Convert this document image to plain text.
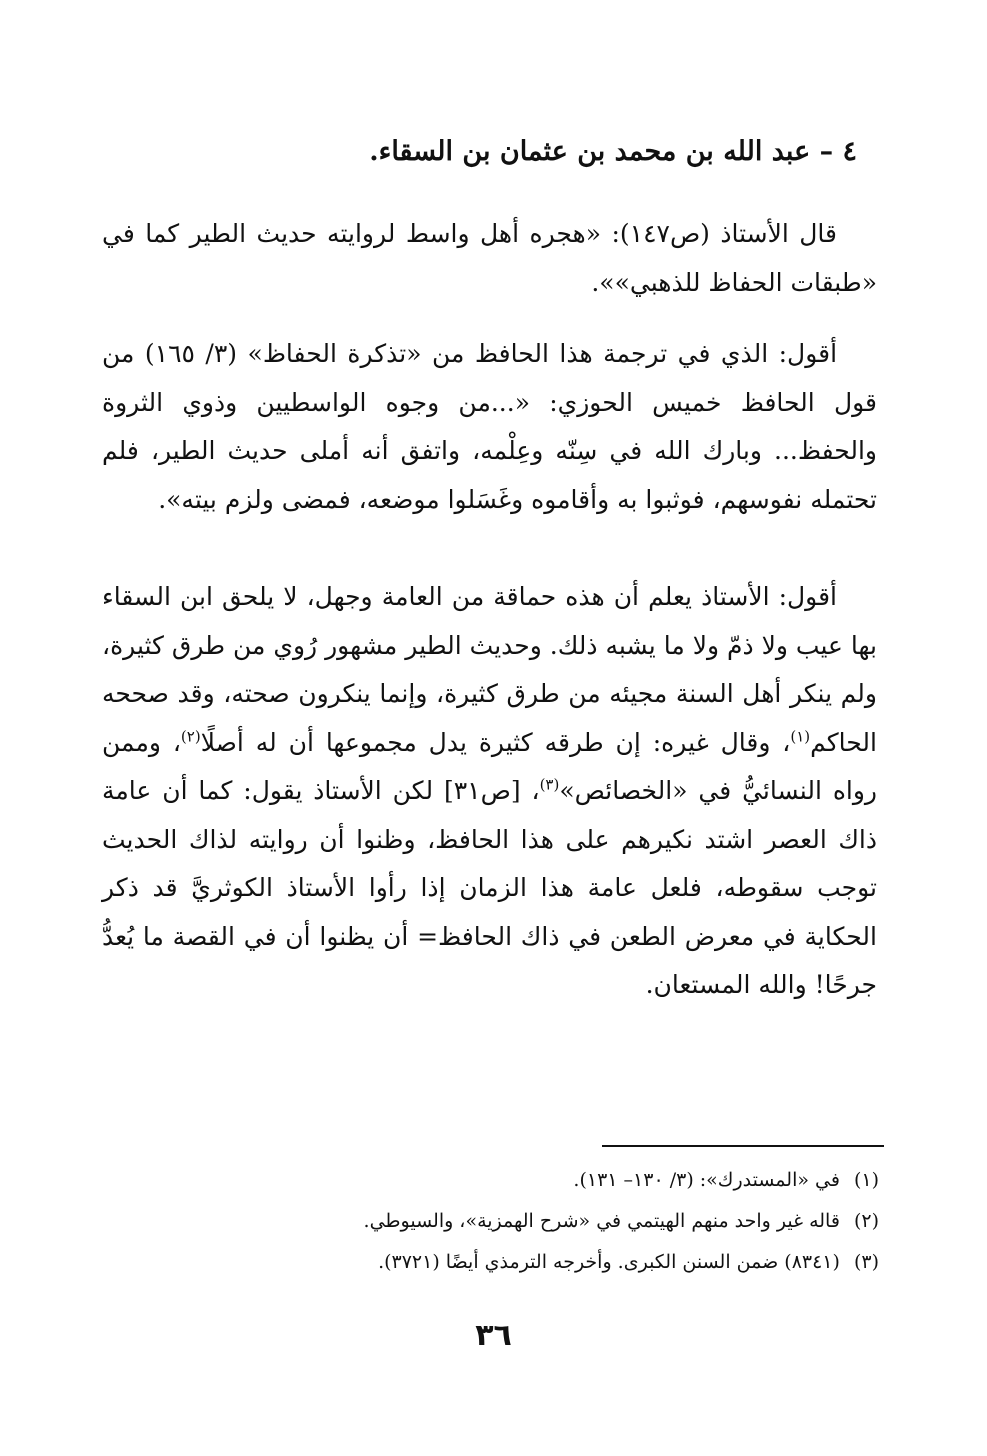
٤ – عبد الله بن محمد بن عثمان بن السقاء.

قال الأستاذ (ص١٤٧): «هجره أهل واسط لروايته حديث الطير كما في «طبقات الحفاظ للذهبي»».

أقول: الذي في ترجمة هذا الحافظ من «تذكرة الحفاظ» (٣/ ١٦٥) من قول الحافظ خميس الحوزي: «...من وجوه الواسطيين وذوي الثروة والحفظ... وبارك الله في سِنّه وعِلْمه، واتفق أنه أملى حديث الطير، فلم تحتمله نفوسهم، فوثبوا به وأقاموه وغَسَلوا موضعه، فمضى ولزم بيته».

أقول: الأستاذ يعلم أن هذه حماقة من العامة وجهل، لا يلحق ابن السقاء بها عيب ولا ذمّ ولا ما يشبه ذلك. وحديث الطير مشهور رُوي من طرق كثيرة، ولم ينكر أهل السنة مجيئه من طرق كثيرة، وإنما ينكرون صحته، وقد صححه الحاكم$^{(١)}$، وقال غيره: إن طرقه كثيرة يدل مجموعها أن له أصلًا$^{(٢)}$، وممن رواه النسائيُّ في «الخصائص»$^{(٣)}$، [ص٣١] لكن الأستاذ يقول: كما أن عامة ذاك العصر اشتد نكيرهم على هذا الحافظ، وظنوا أن روايته لذاك الحديث توجب سقوطه، فلعل عامة هذا الزمان إذا رأوا الأستاذ الكوثريَّ قد ذكر الحكاية في معرض الطعن في ذاك الحافظ= أن يظنوا أن في القصة ما يُعدُّ جرحًا! والله المستعان.

(١)في «المستدرك»: (٣/ ١٣٠– ١٣١).
(٢)قاله غير واحد منهم الهيتمي في «شرح الهمزية»، والسيوطي.
(٣)(٨٣٤١) ضمن السنن الكبرى. وأخرجه الترمذي أيضًا (٣٧٢١).
٣٦
